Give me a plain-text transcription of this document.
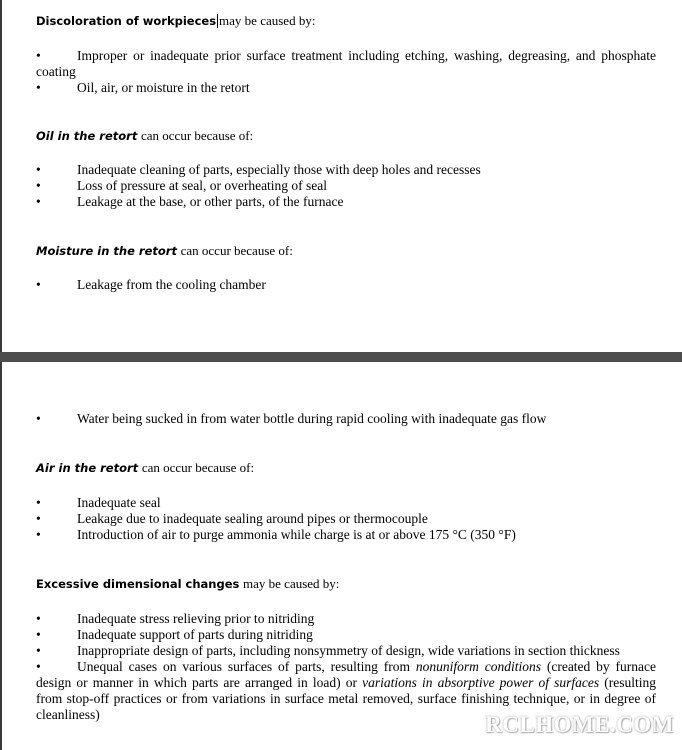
Discoloration of workpieces may be caused by:
•	Improper or inadequate prior surface treatment including etching, washing, degreasing, and phosphate coating
•	Oil, air, or moisture in the retort
Oil in the retort can occur because of:
•	Inadequate cleaning of parts, especially those with deep holes and recesses
•	Loss of pressure at seal, or overheating of seal
•	Leakage at the base, or other parts, of the furnace
Moisture in the retort can occur because of:
•	Leakage from the cooling chamber
•	Water being sucked in from water bottle during rapid cooling with inadequate gas flow
Air in the retort can occur because of:
•	Inadequate seal
•	Leakage due to inadequate sealing around pipes or thermocouple
•	Introduction of air to purge ammonia while charge is at or above 175 °C (350 °F)
Excessive dimensional changes may be caused by:
•	Inadequate stress relieving prior to nitriding
•	Inadequate support of parts during nitriding
•	Inappropriate design of parts, including nonsymmetry of design, wide variations in section thickness
•	Unequal cases on various surfaces of parts, resulting from nonuniform conditions (created by furnace design or manner in which parts are arranged in load) or variations in absorptive power of surfaces (resulting from stop-off practices or from variations in surface metal removed, surface finishing technique, or in degree of cleanliness)	RCLHOME.COM
